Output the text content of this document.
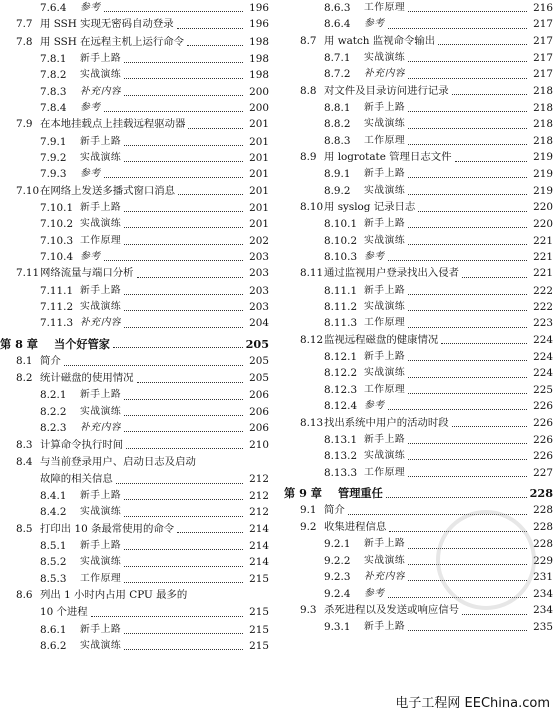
7.6.4	参考	196
7.7 用 SSH 实现无密码自动登录	196
7.8 用 SSH 在远程主机上运行命令	198
7.8.1	新手上路	198
7.8.2	实战演练	198
7.8.3	补充内容	200
7.8.4	参考	200
7.9 在本地挂载点上挂载远程驱动器	201
7.9.1	新手上路	201
7.9.2	实战演练	201
7.9.3	参考	201
7.10 在网络上发送多播式窗口消息	201
7.10.1 新手上路	201
7.10.2 实战演练	201
7.10.3 工作原理	202
7.10.4 参考	203
7.11 网络流量与端口分析	203
7.11.1 新手上路	203
7.11.2 实战演练	203
7.11.3 补充内容	204
第 8 章	当个好管家	205
8.1 简介	205
8.2 统计磁盘的使用情况	205
8.2.1	新手上路	206
8.2.2	实战演练	206
8.2.3	补充内容	206
8.3 计算命令执行时间	210
8.4 与当前登录用户、启动日志及启动
故障的相关信息	212
8.4.1	新手上路	212
8.4.2	实战演练	212
8.5 打印出 10 条最常使用的命令	214
8.5.1	新手上路	214
8.5.2	实战演练	214
8.5.3	工作原理	215
8.6 列出 1 小时内占用 CPU 最多的
10 个进程	215
8.6.1	新手上路	215
8.6.2	实战演练	215
8.6.3	工作原理	216
8.6.4	参考	217
8.7 用 watch 监视命令输出	217
8.7.1	实战演练	217
8.7.2	补充内容	217
8.8 对文件及目录访问进行记录	218
8.8.1	新手上路	218
8.8.2	实战演练	218
8.8.3	工作原理	218
8.9 用 logrotate 管理日志文件	219
8.9.1	新手上路	219
8.9.2	实战演练	219
8.10 用 syslog 记录日志	220
8.10.1 新手上路	220
8.10.2 实战演练	221
8.10.3 参考	221
8.11 通过监视用户登录找出入侵者	221
8.11.1 新手上路	222
8.11.2 实战演练	222
8.11.3 工作原理	223
8.12 监视远程磁盘的健康情况	224
8.12.1 新手上路	224
8.12.2 实战演练	224
8.12.3 工作原理	225
8.12.4 参考	226
8.13 找出系统中用户的活动时段	226
8.13.1 新手上路	226
8.13.2 实战演练	226
8.13.3 工作原理	227
第 9 章	管理重任	228
9.1 简介	228
9.2 收集进程信息	228
9.2.1	新手上路	228
9.2.2	实战演练	229
9.2.3	补充内容	231
9.2.4	参考	234
9.3 杀死进程以及发送或响应信号	234
9.3.1	新手上路	235
电子工程网 EEChina.com
